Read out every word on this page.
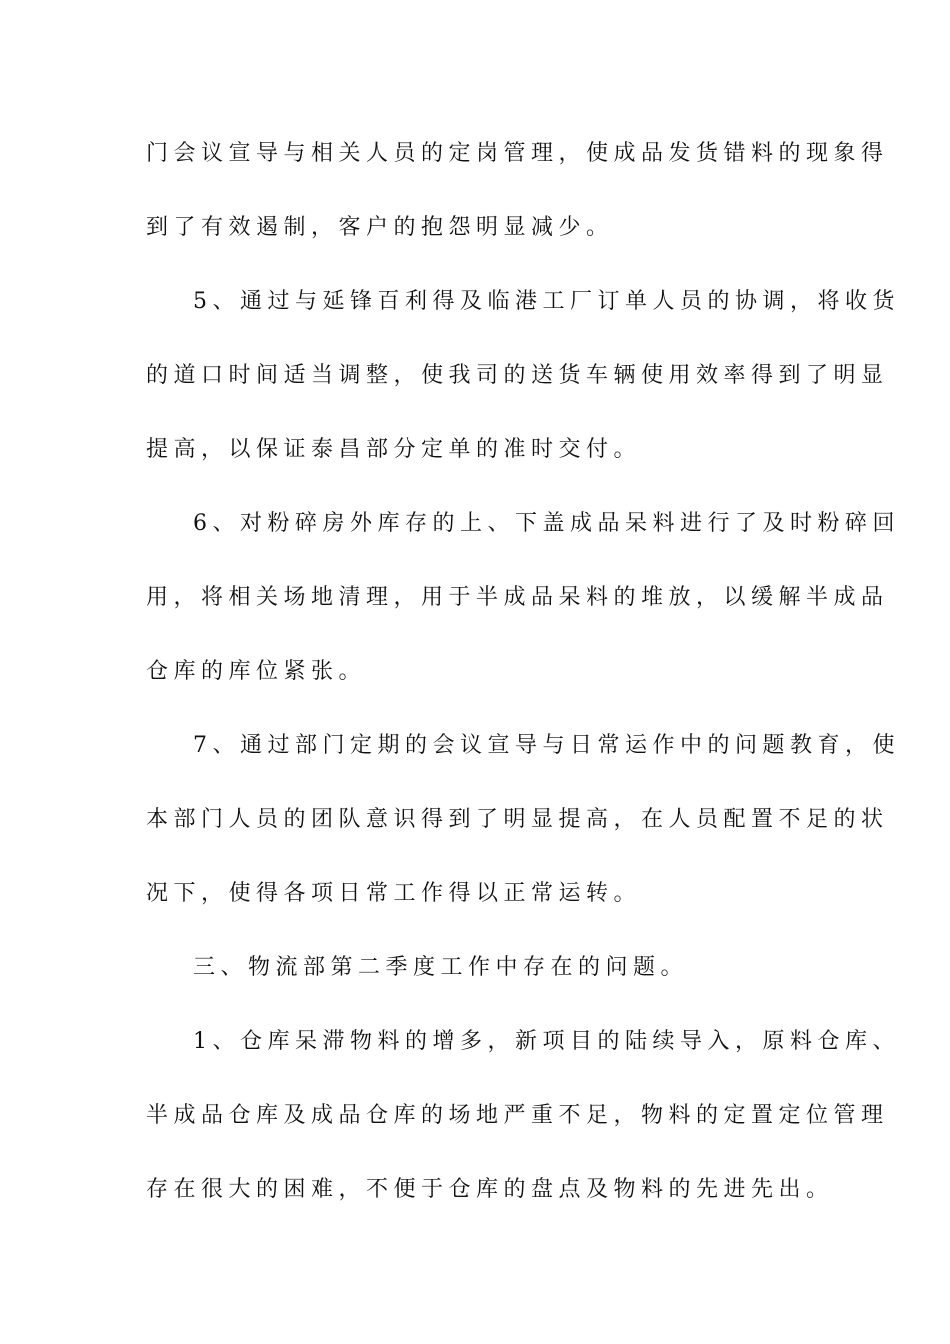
门会议宣导与相关人员的定岗管理，使成品发货错料的现象得
到了有效遏制，客户的抱怨明显减少。
5、通过与延锋百利得及临港工厂订单人员的协调，将收货
的道口时间适当调整，使我司的送货车辆使用效率得到了明显
提高，以保证泰昌部分定单的准时交付。
6、对粉碎房外库存的上、下盖成品呆料进行了及时粉碎回
用，将相关场地清理，用于半成品呆料的堆放，以缓解半成品
仓库的库位紧张。
7、通过部门定期的会议宣导与日常运作中的问题教育，使
本部门人员的团队意识得到了明显提高，在人员配置不足的状
况下，使得各项日常工作得以正常运转。
三、物流部第二季度工作中存在的问题。
1、仓库呆滞物料的增多，新项目的陆续导入，原料仓库、
半成品仓库及成品仓库的场地严重不足，物料的定置定位管理
存在很大的困难，不便于仓库的盘点及物料的先进先出。
